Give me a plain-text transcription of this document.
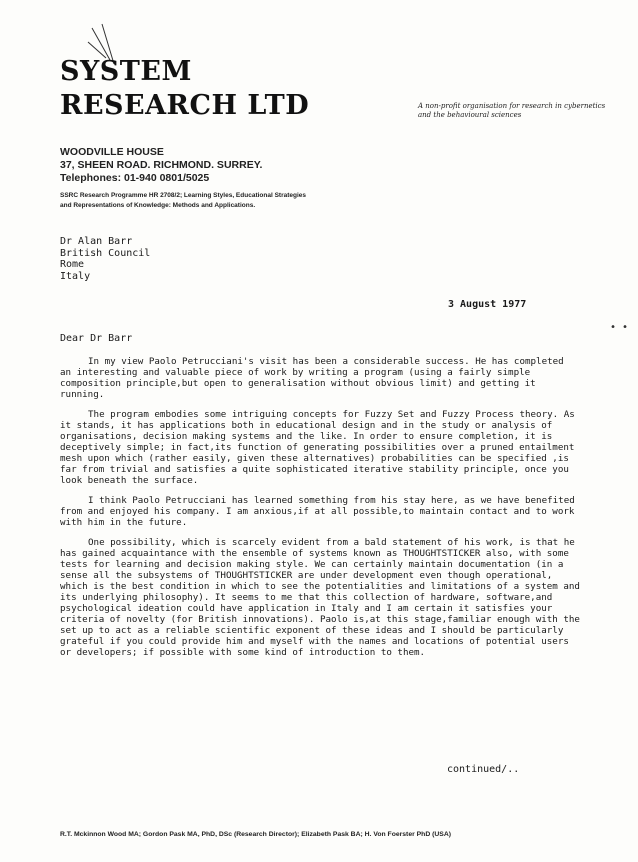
SYSTEM
RESEARCH LTD	A non-profit organisation for research in cybernetics and the behavioural sciences
WOODVILLE HOUSE
37, SHEEN ROAD. RICHMOND. SURREY.
Telephones: 01-940 0801/5025
SSRC Research Programme HR 2708/2; Learning Styles, Educational Strategies
and Representations of Knowledge: Methods and Applications.
Dr Alan Barr
British Council
Rome
Italy
3 August 1977
• •
Dear Dr Barr

In my view Paolo Petrucciani's visit has been a considerable success. He has completed an interesting and valuable piece of work by writing a program (using a fairly simple composition principle,but open to generalisation without obvious limit) and getting it running.

The program embodies some intriguing concepts for Fuzzy Set and Fuzzy Process theory. As it stands, it has applications both in educational design and in the study or analysis of organisations, decision making systems and the like. In order to ensure completion, it is deceptively simple; in fact,its function of generating possibilities over a pruned entailment mesh upon which (rather easily, given these alternatives) probabilities can be specified ,is far from trivial and satisfies a quite sophisticated iterative stability principle, once you look beneath the surface.

I think Paolo Petrucciani has learned something from his stay here, as we have benefited from and enjoyed his company. I am anxious,if at all possible,to maintain contact and to work with him in the future.

One possibility, which is scarcely evident from a bald statement of his work, is that he has gained acquaintance with the ensemble of systems known as THOUGHTSTICKER also, with some tests for learning and decision making style. We can certainly maintain documentation (in a sense all the subsystems of THOUGHTSTICKER are under development even though operational, which is the best condition in which to see the potentialities and limitations of a system and its underlying philosophy). It seems to me that this collection of hardware, software,and psychological ideation could have application in Italy and I am certain it satisfies your criteria of novelty (for British innovations). Paolo is,at this stage,familiar enough with the set up to act as a reliable scientific exponent of these ideas and I should be particularly grateful if you could provide him and myself with the names and locations of potential users or developers; if possible with some kind of introduction to them.

continued/..
R.T. Mckinnon Wood MA; Gordon Pask MA, PhD, DSc (Research Director); Elizabeth Pask BA; H. Von Foerster PhD (USA)
